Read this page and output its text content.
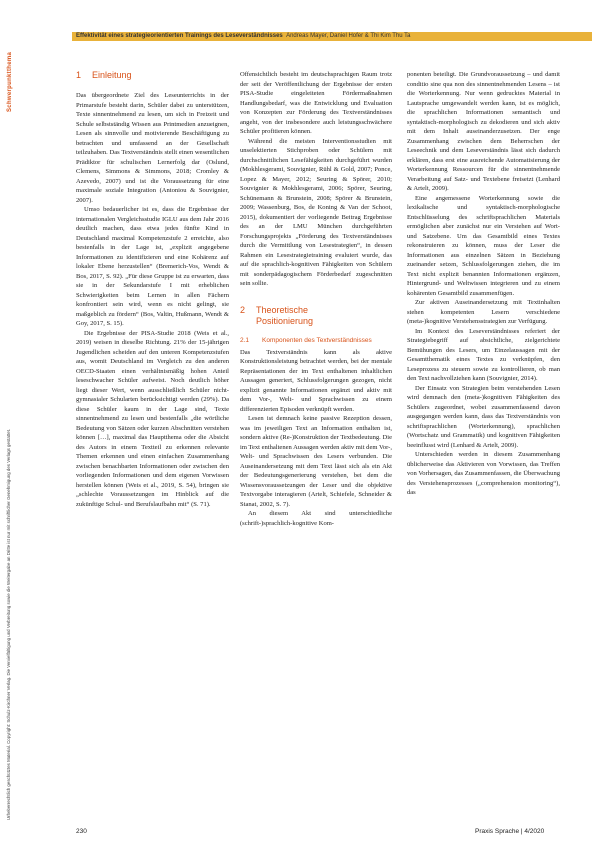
Effektivität eines strategieorientierten Trainings des Leseverständnisses Andreas Mayer, Daniel Hofer & Thi Kim Thu Ta
Schwerpunktthema
Urheberrechtlich geschütztes Material. Copyright: Schulz-Kirchner Verlag. Die Vervielfältigung und Verbreitung sowie die Weitergabe an Dritte ist nur mit schriftlicher Genehmigung des Verlags gestattet.
1 Einleitung

Das übergeordnete Ziel des Leseunterrichts in der Primarstufe besteht darin, Schüler dabei zu unterstützen, Texte sinnentnehmend zu lesen, um sich in Freizeit und Schule selbstständig Wissen aus Printmedien anzueignen, Lesen als sinnvolle und motivierende Beschäftigung zu betrachten und umfassend an der Gesellschaft teilzuhaben. Das Textverständnis stellt einen wesentlichen Prädiktor für schulischen Lernerfolg dar (Oslund, Clemens, Simmons & Simmons, 2018; Cromley & Azevedo, 2007) und ist die Voraussetzung für eine maximale soziale Integration (Antoniou & Souvignier, 2007).

Umso bedauerlicher ist es, dass die Ergebnisse der internationalen Vergleichsstudie IGLU aus dem Jahr 2016 deutlich machen, dass etwa jedes fünfte Kind in Deutschland maximal Kompetenzstufe 2 erreichte, also bestenfalls in der Lage ist, „explizit angegebene Informationen zu identifizieren und eine Kohärenz auf lokaler Ebene herzustellen“ (Bremerich-Vos, Wendt & Bos, 2017, S. 92). „Für diese Gruppe ist zu erwarten, dass sie in der Sekundarstufe I mit erheblichen Schwierigkeiten beim Lernen in allen Fächern konfrontiert sein wird, wenn es nicht gelingt, sie maßgeblich zu fördern“ (Bos, Valtin, Hußmann, Wendt & Goy, 2017, S. 15).

Die Ergebnisse der PISA-Studie 2018 (Weis et al., 2019) weisen in dieselbe Richtung. 21% der 15-jährigen Jugendlichen scheiden auf den unteren Kompetenzstufen aus, womit Deutschland im Vergleich zu den anderen OECD-Staaten einen verhältnismäßig hohen Anteil leseschwacher Schüler aufweist. Noch deutlich höher liegt dieser Wert, wenn ausschließlich Schüler nicht-gymnasialer Schularten berücksichtigt werden (29%). Da diese Schüler kaum in der Lage sind, Texte sinnentnehmend zu lesen und bestenfalls „die wörtliche Bedeutung von Sätzen oder kurzen Abschnitten verstehen können […], maximal das Hauptthema oder die Absicht des Autors in einem Textteil zu erkennen relevante Themen erkennen und einen einfachen Zusammenhang zwischen benachbarten Informationen oder zwischen den vorliegenden Informationen und dem eigenen Vorwissen herstellen können (Weis et al., 2019, S. 54), bringen sie „schlechte Voraussetzungen im Hinblick auf die zukünftige Schul- und Berufslaufbahn mit“ (S. 71).

Offensichtlich besteht im deutschsprachigen Raum trotz der seit der Veröffentlichung der Ergebnisse der ersten PISA-Studie eingeleiteten Fördermaßnahmen Handlungsbedarf, was die Entwicklung und Evaluation von Konzepten zur Förderung des Textverständnisses angeht, von der insbesondere auch leistungsschwächere Schüler profitieren können.

Während die meisten Interventionsstudien mit unselektierten Stichproben oder Schülern mit durchschnittlichen Lesefähigkeiten durchgeführt wurden (Mokhlesgerami, Souvignier, Rühl & Gold, 2007; Ponce, Lopez & Mayer, 2012; Seuring & Spörer, 2010; Souvignier & Mokhlesgerami, 2006; Spörer, Seuring, Schünemann & Brunstein, 2008; Spörer & Brunstein, 2009; Wassenburg, Bos, de Koning & Van der Schoot, 2015), dokumentiert der vorliegende Beitrag Ergebnisse des an der LMU München durchgeführten Forschungsprojekts „Förderung des Textverständnisses durch die Vermittlung von Lesestrategien“, in dessen Rahmen ein Lesestrategietraining evaluiert wurde, das auf die sprachlich-kognitiven Fähigkeiten von Schülern mit sonderpädagogischem Förderbedarf zugeschnitten sein sollte.

2 Theoretische Positionierung
2.1 Komponenten des Textverständnisses

Das Textverständnis kann als aktive Konstruktionsleistung betrachtet werden, bei der mentale Repräsentationen der im Text enthaltenen inhaltlichen Aussagen generiert, Schlussfolgerungen gezogen, nicht explizit genannte Informationen ergänzt und aktiv mit dem Vor-, Welt- und Sprachwissen zu einem differenzierten Episoden verknüpft werden.

Lesen ist demnach keine passive Rezeption dessen, was im jeweiligen Text an Information enthalten ist, sondern aktive (Re-)Konstruktion der Textbedeutung. Die im Text enthaltenen Aussagen werden aktiv mit dem Vor-, Welt- und Sprachwissen des Lesers verbunden. Die Auseinandersetzung mit dem Text lässt sich als ein Akt der Bedeutungsgenerierung verstehen, bei dem die Wissensvoraussetzungen der Leser und die objektive Textvorgabe interagieren (Artelt, Schiefele, Schneider & Stanat, 2002, S. 7).

An diesem Akt sind unterschiedliche (schrift-)sprachlich-kognitive Kom-

ponenten beteiligt. Die Grundvoraussetzung – und damit conditio sine qua non des sinnentnehmenden Lesens – ist die Worterkennung. Nur wenn gedrucktes Material in Lautsprache umgewandelt werden kann, ist es möglich, die sprachlichen Informationen semantisch und syntaktisch-morphologisch zu dekodieren und sich aktiv mit dem Inhalt auseinanderzusetzen. Der enge Zusammenhang zwischen dem Beherrschen der Leseechnik und dem Leseverständnis lässt sich dadurch erklären, dass erst eine ausreichende Automatisierung der Worterkennung Ressourcen für die sinnentnehmende Verarbeitung auf Satz- und Textebene freisetzt (Lenhard & Artelt, 2009).

Eine angemessene Worterkennung sowie die lexikalische und syntaktisch-morphologische Entschlüsselung des schriftsprachlichen Materials ermöglichen aber zunächst nur ein Verstehen auf Wort- und Satzebene. Um das Gesamtbild eines Textes rekonstruieren zu können, muss der Leser die Informationen aus einzelnen Sätzen in Beziehung zueinander setzen, Schlussfolgerungen ziehen, die im Text nicht explizit benannten Informationen ergänzen, Hintergrund- und Weltwissen integrieren und zu einem kohärenten Gesamtbild zusammenfügen.

Zur aktiven Auseinandersetzung mit Textinhalten stehen kompetenten Lesern verschiedene (meta-)kognitive Verstehensstrategien zur Verfügung.

Im Kontext des Leseverständnisses referiert der Strategiebegriff auf absichtliche, zielgerichtete Bemühungen des Lesers, um Einzelaussagen mit der Gesamtthematik eines Textes zu verknüpfen, den Leseprozess zu steuern sowie zu kontrollieren, ob man den Text nachvollziehen kann (Souvignier, 2014).

Der Einsatz von Strategien beim verstehenden Lesen wird demnach den (meta-)kognitiven Fähigkeiten des Schülers zugeordnet, wobei zusammenfassend davon ausgegangen werden kann, dass das Textverständnis von schriftsprachlichen (Worterkennung), sprachlichen (Wortschatz und Grammatik) und kognitiven Fähigkeiten beeinflusst wird (Lenhard & Artelt, 2009).

Unterschieden werden in diesem Zusammenhang üblicherweise das Aktivieren von Vorwissen, das Treffen von Vorhersagen, das Zusammenfassen, die Überwachung des Verstehensprozesses („comprehension monitoring“), das

230	Praxis Sprache | 4/2020
